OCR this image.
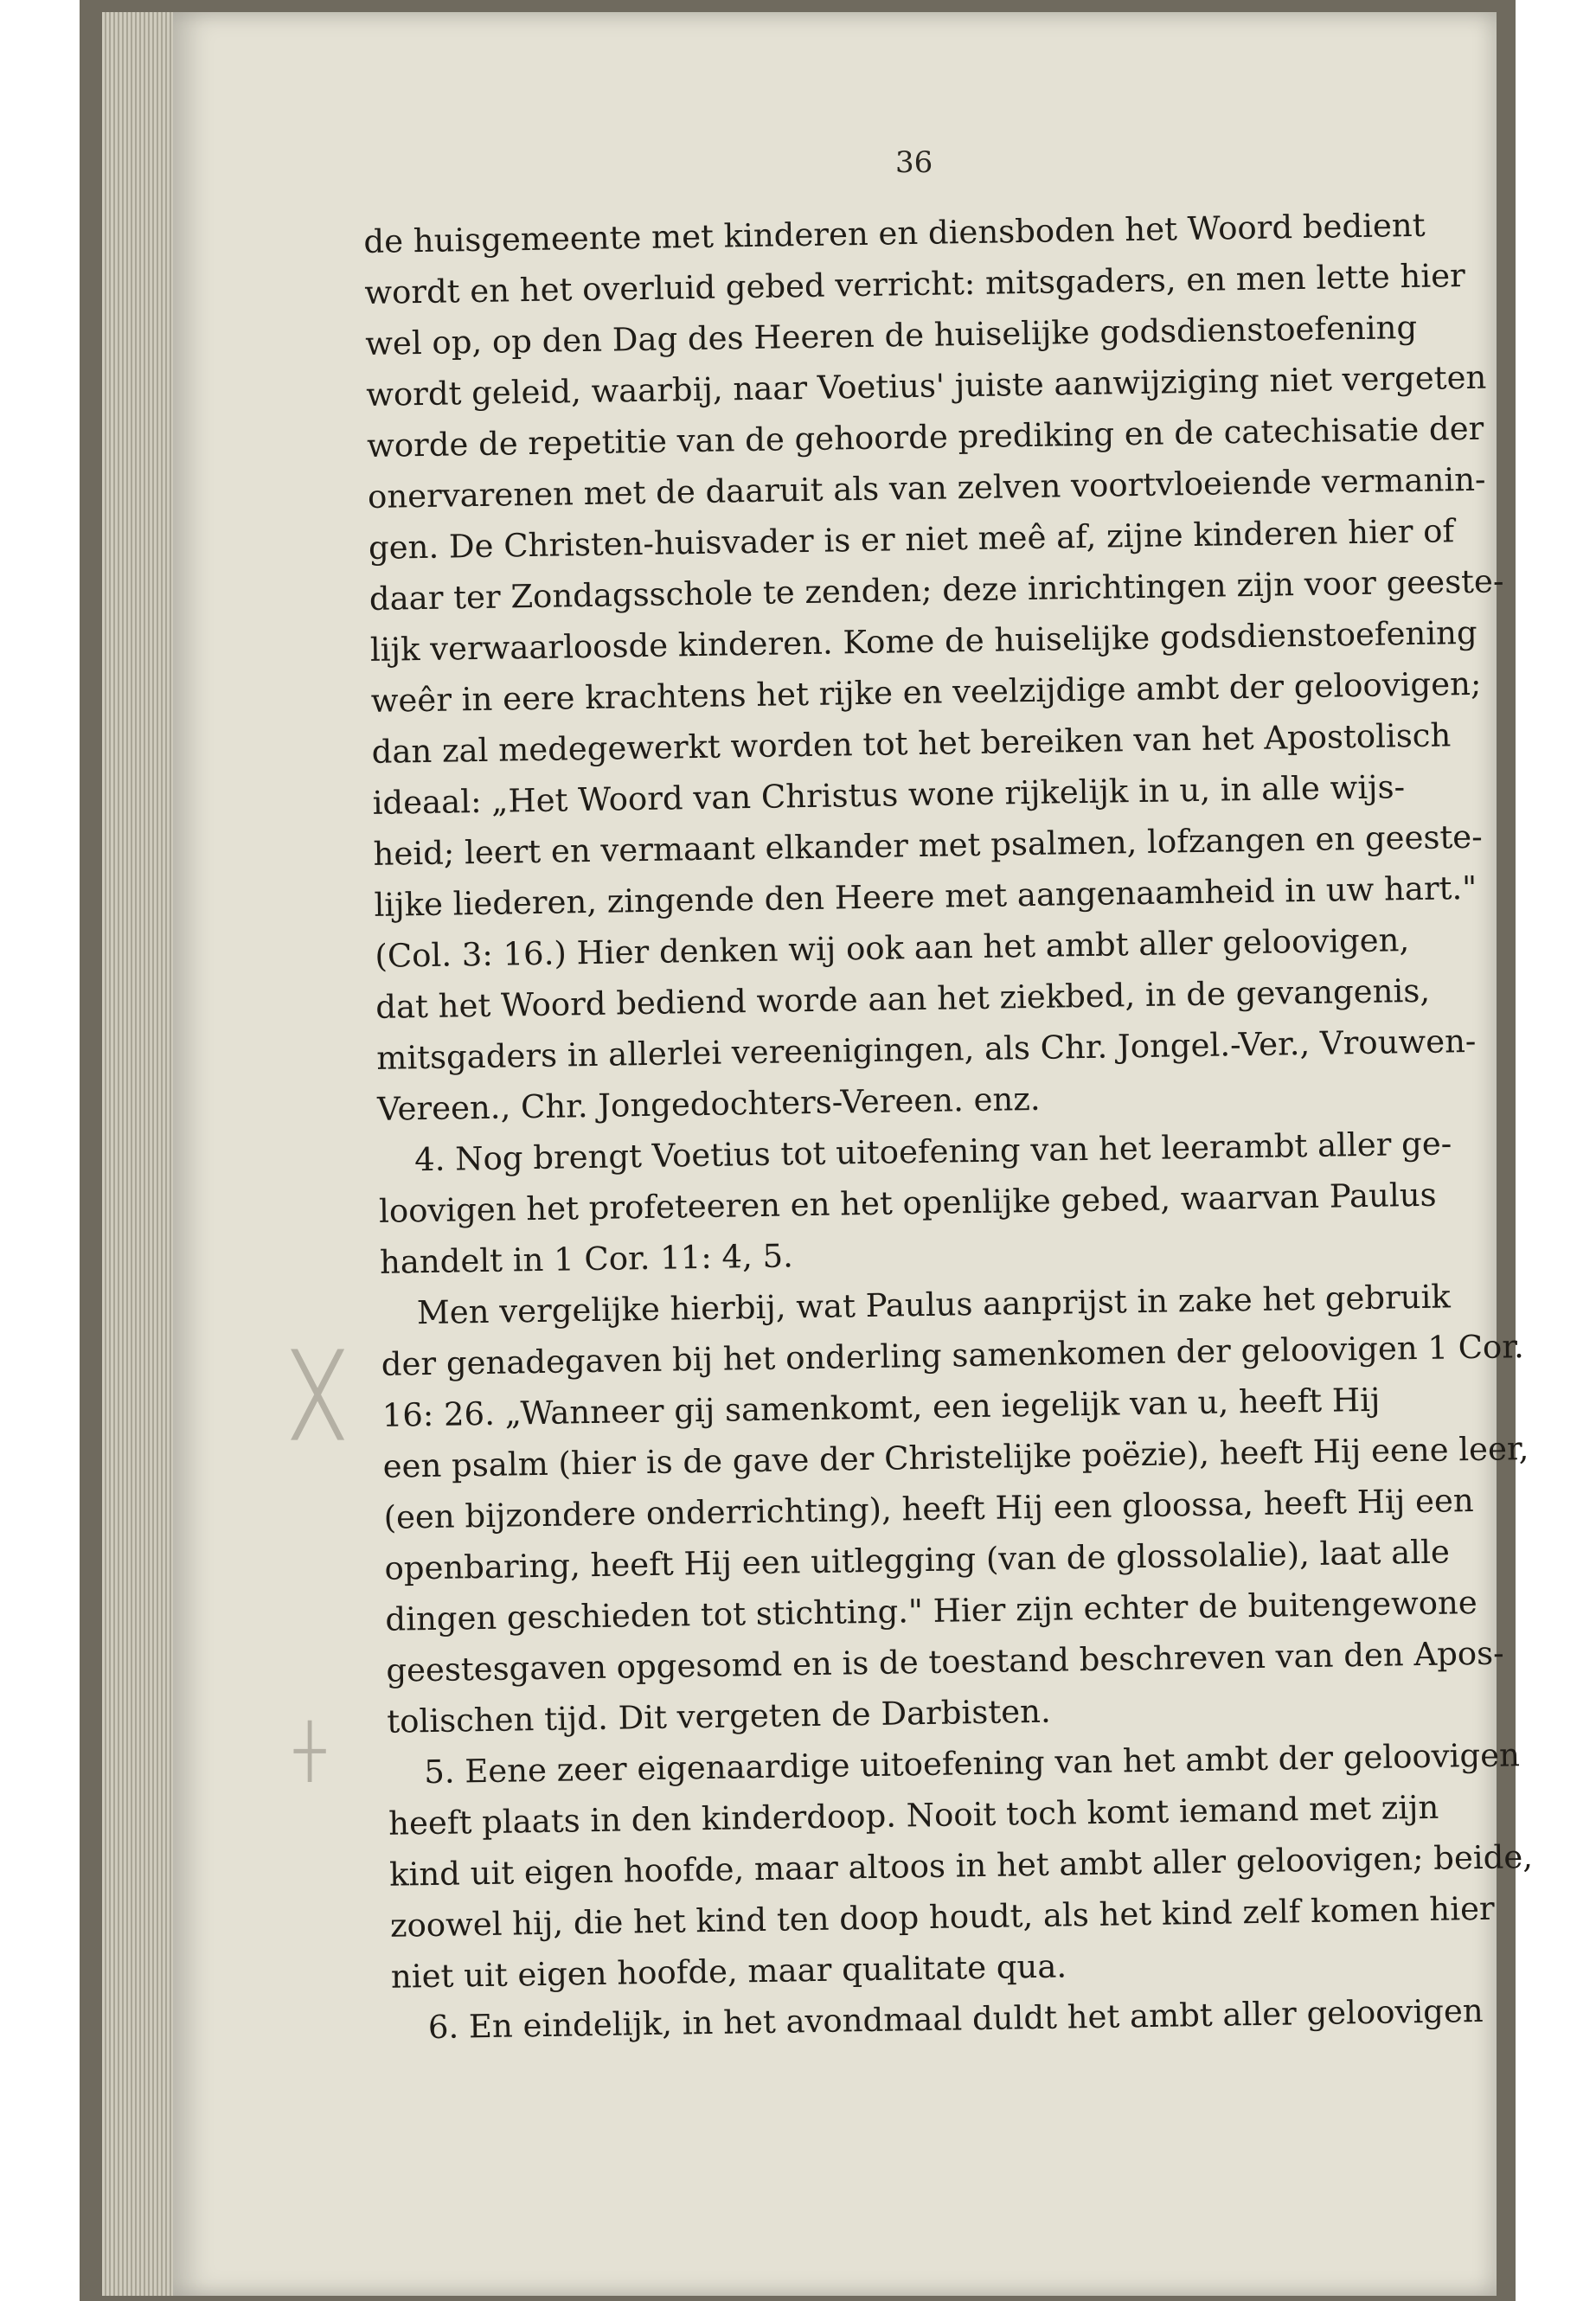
36
╳
┼
de huisgemeente met kinderen en diensboden het Woord bedient
wordt en het overluid gebed verricht: mitsgaders, en men lette hier
wel op, op den Dag des Heeren de huiselijke godsdienstoefening
wordt geleid, waarbij, naar Voetius' juiste aanwijziging niet vergeten
worde de repetitie van de gehoorde prediking en de catechisatie der
onervarenen met de daaruit als van zelven voortvloeiende vermanin-
gen. De Christen-huisvader is er niet meê af, zijne kinderen hier of
daar ter Zondagsschole te zenden; deze inrichtingen zijn voor geeste-
lijk verwaarloosde kinderen. Kome de huiselijke godsdienstoefening
weêr in eere krachtens het rijke en veelzijdige ambt der geloovigen;
dan zal medegewerkt worden tot het bereiken van het Apostolisch
ideaal: „Het Woord van Christus wone rijkelijk in u, in alle wijs-
heid; leert en vermaant elkander met psalmen, lofzangen en geeste-
lijke liederen, zingende den Heere met aangenaamheid in uw hart."
(Col. 3: 16.) Hier denken wij ook aan het ambt aller geloovigen,
dat het Woord bediend worde aan het ziekbed, in de gevangenis,
mitsgaders in allerlei vereenigingen, als Chr. Jongel.-Ver., Vrouwen-
Vereen., Chr. Jongedochters-Vereen. enz.
4. Nog brengt Voetius tot uitoefening van het leerambt aller ge-
loovigen het profeteeren en het openlijke gebed, waarvan Paulus
handelt in 1 Cor. 11: 4, 5.
Men vergelijke hierbij, wat Paulus aanprijst in zake het gebruik
der genadegaven bij het onderling samenkomen der geloovigen 1 Cor.
16: 26. „Wanneer gij samenkomt, een iegelijk van u, heeft Hij
een psalm (hier is de gave der Christelijke poëzie), heeft Hij eene leer,
(een bijzondere onderrichting), heeft Hij een gloossa, heeft Hij een
openbaring, heeft Hij een uitlegging (van de glossolalie), laat alle
dingen geschieden tot stichting." Hier zijn echter de buitengewone
geestesgaven opgesomd en is de toestand beschreven van den Apos-
tolischen tijd. Dit vergeten de Darbisten.
5. Eene zeer eigenaardige uitoefening van het ambt der geloovigen
heeft plaats in den kinderdoop. Nooit toch komt iemand met zijn
kind uit eigen hoofde, maar altoos in het ambt aller geloovigen; beide,
zoowel hij, die het kind ten doop houdt, als het kind zelf komen hier
niet uit eigen hoofde, maar qualitate qua.
6. En eindelijk, in het avondmaal duldt het ambt aller geloovigen
